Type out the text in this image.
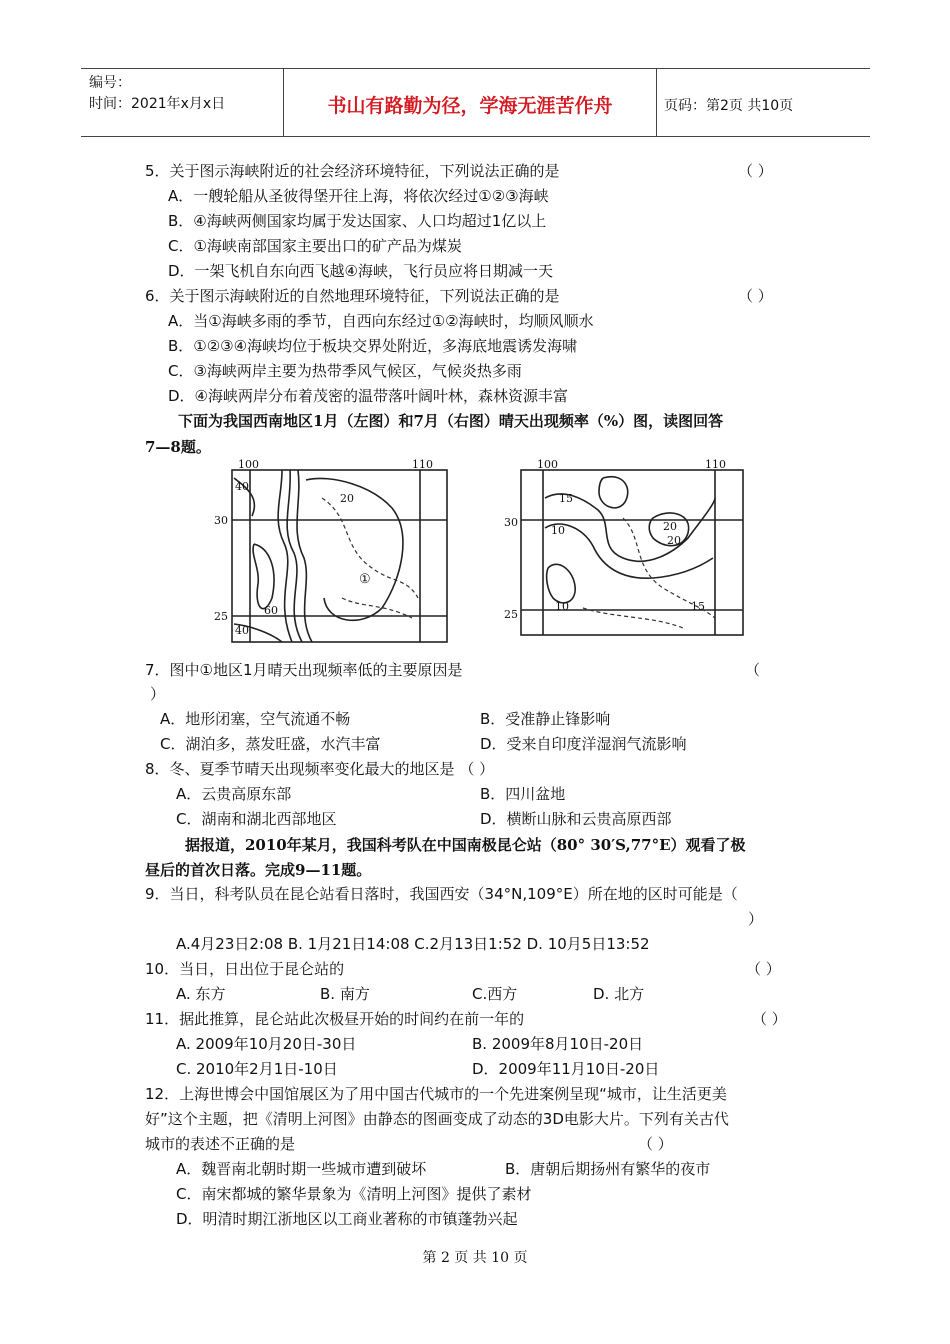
编号：
时间：2021年x月x日	书山有路勤为径，学海无涯苦作舟	页码：第2页 共10页
5．关于图示海峡附近的社会经济环境特征，下列说法正确的是	（ ）
A．一艘轮船从圣彼得堡开往上海，将依次经过①②③海峡
B．④海峡两侧国家均属于发达国家、人口均超过1亿以上
C．①海峡南部国家主要出口的矿产品为煤炭
D．一架飞机自东向西飞越④海峡，飞行员应将日期减一天
6．关于图示海峡附近的自然地理环境特征，下列说法正确的是	（ ）
A．当①海峡多雨的季节，自西向东经过①②海峡时，均顺风顺水
B．①②③④海峡均位于板块交界处附近，多海底地震诱发海啸
C．③海峡两岸主要为热带季风气候区，气候炎热多雨
D．④海峡两岸分布着茂密的温带落叶阔叶林，森林资源丰富
下面为我国西南地区1月（左图）和7月（右图）晴天出现频率（%）图，读图回答
7—8题。
100	110
30
25
40
20
①
60
40
100	110
30
25
15
10	20
20
10	15
7．图中①地区1月晴天出现频率低的主要原因是	（
）
A．地形闭塞，空气流通不畅	B．受准静止锋影响
C．湖泊多，蒸发旺盛，水汽丰富	D．受来自印度洋湿润气流影响
8．冬、夏季节晴天出现频率变化最大的地区是 （ ）
A．云贵高原东部	B．四川盆地
C．湖南和湖北西部地区	D．横断山脉和云贵高原西部
据报道，2010年某月，我国科考队在中国南极昆仑站（80° 30′S,77°E）观看了极
昼后的首次日落。完成9—11题。
9．当日，科考队员在昆仑站看日落时，我国西安（34°N,109°E）所在地的区时可能是（
）
A.4月23日2:08 B. 1月21日14:08 C.2月13日1:52 D. 10月5日13:52
10．当日，日出位于昆仑站的	（ ）
A. 东方	B. 南方	C.西方	D. 北方
11．据此推算，昆仑站此次极昼开始的时间约在前一年的	（ ）
A. 2009年10月20日-30日	B. 2009年8月10日-20日
C. 2010年2月1日-10日	D．2009年11月10日-20日
12．上海世博会中国馆展区为了用中国古代城市的一个先进案例呈现“城市，让生活更美
好”这个主题，把《清明上河图》由静态的图画变成了动态的3D电影大片。下列有关古代
城市的表述不正确的是	（ ）
A．魏晋南北朝时期一些城市遭到破坏	B．唐朝后期扬州有繁华的夜市
C．南宋都城的繁华景象为《清明上河图》提供了素材
D．明清时期江浙地区以工商业著称的市镇蓬勃兴起
第 2 页 共 10 页
